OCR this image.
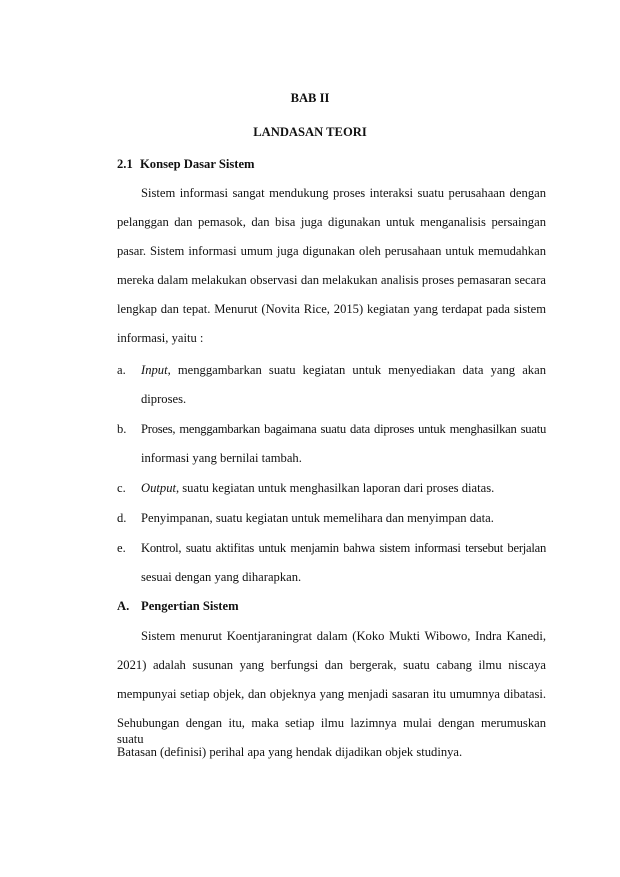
BAB II
LANDASAN TEORI
2.1 Konsep Dasar Sistem
Sistem informasi sangat mendukung proses interaksi suatu perusahaan dengan
pelanggan dan pemasok, dan bisa juga digunakan untuk menganalisis persaingan
pasar. Sistem informasi umum juga digunakan oleh perusahaan untuk memudahkan
mereka dalam melakukan observasi dan melakukan analisis proses pemasaran secara
lengkap dan tepat. Menurut (Novita Rice, 2015) kegiatan yang terdapat pada sistem
informasi, yaitu :
a. Input, menggambarkan suatu kegiatan untuk menyediakan data yang akan
diproses.
b. Proses, menggambarkan bagaimana suatu data diproses untuk menghasilkan suatu
informasi yang bernilai tambah.
c. Output, suatu kegiatan untuk menghasilkan laporan dari proses diatas.
d. Penyimpanan, suatu kegiatan untuk memelihara dan menyimpan data.
e. Kontrol, suatu aktifitas untuk menjamin bahwa sistem informasi tersebut berjalan
sesuai dengan yang diharapkan.
A. Pengertian Sistem
Sistem menurut Koentjaraningrat dalam (Koko Mukti Wibowo, Indra Kanedi,
2021) adalah susunan yang berfungsi dan bergerak, suatu cabang ilmu niscaya
mempunyai setiap objek, dan objeknya yang menjadi sasaran itu umumnya dibatasi.
Sehubungan dengan itu, maka setiap ilmu lazimnya mulai dengan merumuskan suatu
Batasan (definisi) perihal apa yang hendak dijadikan objek studinya.
